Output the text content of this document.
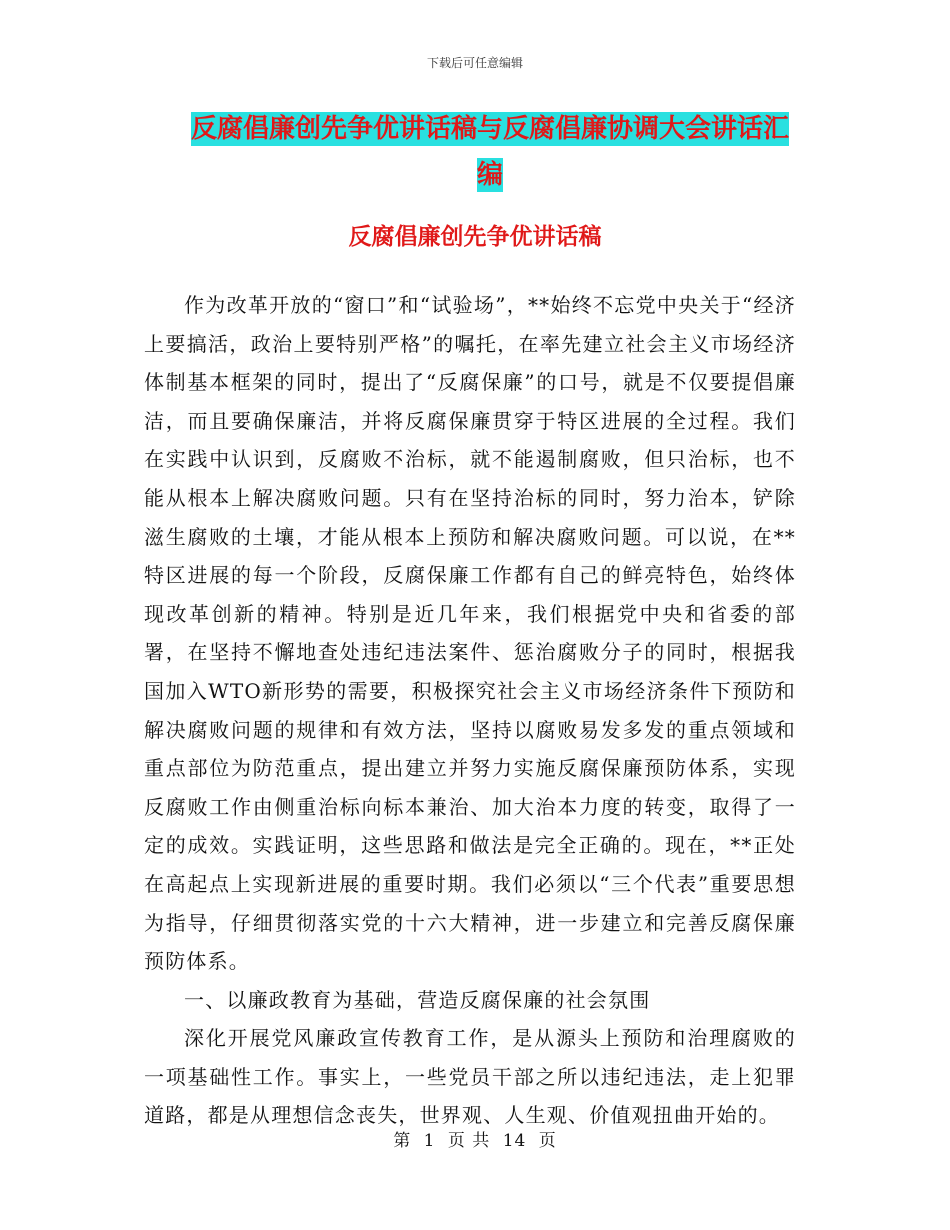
下载后可任意编辑
反腐倡廉创先争优讲话稿与反腐倡廉协调大会讲话汇
编
反腐倡廉创先争优讲话稿

作为改革开放的“窗口”和“试验场”，**始终不忘党中央关于“经济上要搞活，政治上要特别严格”的嘱托，在率先建立社会主义市场经济体制基本框架的同时，提出了“反腐保廉”的口号，就是不仅要提倡廉洁，而且要确保廉洁，并将反腐保廉贯穿于特区进展的全过程。我们在实践中认识到，反腐败不治标，就不能遏制腐败，但只治标，也不能从根本上解决腐败问题。只有在坚持治标的同时，努力治本，铲除滋生腐败的土壤，才能从根本上预防和解决腐败问题。可以说，在**特区进展的每一个阶段，反腐保廉工作都有自己的鲜亮特色，始终体现改革创新的精神。特别是近几年来，我们根据党中央和省委的部署，在坚持不懈地查处违纪违法案件、惩治腐败分子的同时，根据我国加入WTO新形势的需要，积极探究社会主义市场经济条件下预防和解决腐败问题的规律和有效方法，坚持以腐败易发多发的重点领域和重点部位为防范重点，提出建立并努力实施反腐保廉预防体系，实现反腐败工作由侧重治标向标本兼治、加大治本力度的转变，取得了一定的成效。实践证明，这些思路和做法是完全正确的。现在，**正处在高起点上实现新进展的重要时期。我们必须以“三个代表”重要思想为指导，仔细贯彻落实党的十六大精神，进一步建立和完善反腐保廉预防体系。

一、以廉政教育为基础，营造反腐保廉的社会氛围

深化开展党风廉政宣传教育工作，是从源头上预防和治理腐败的一项基础性工作。事实上，一些党员干部之所以违纪违法，走上犯罪道路，都是从理想信念丧失，世界观、人生观、价值观扭曲开始的。

第 1 页 共 14 页
